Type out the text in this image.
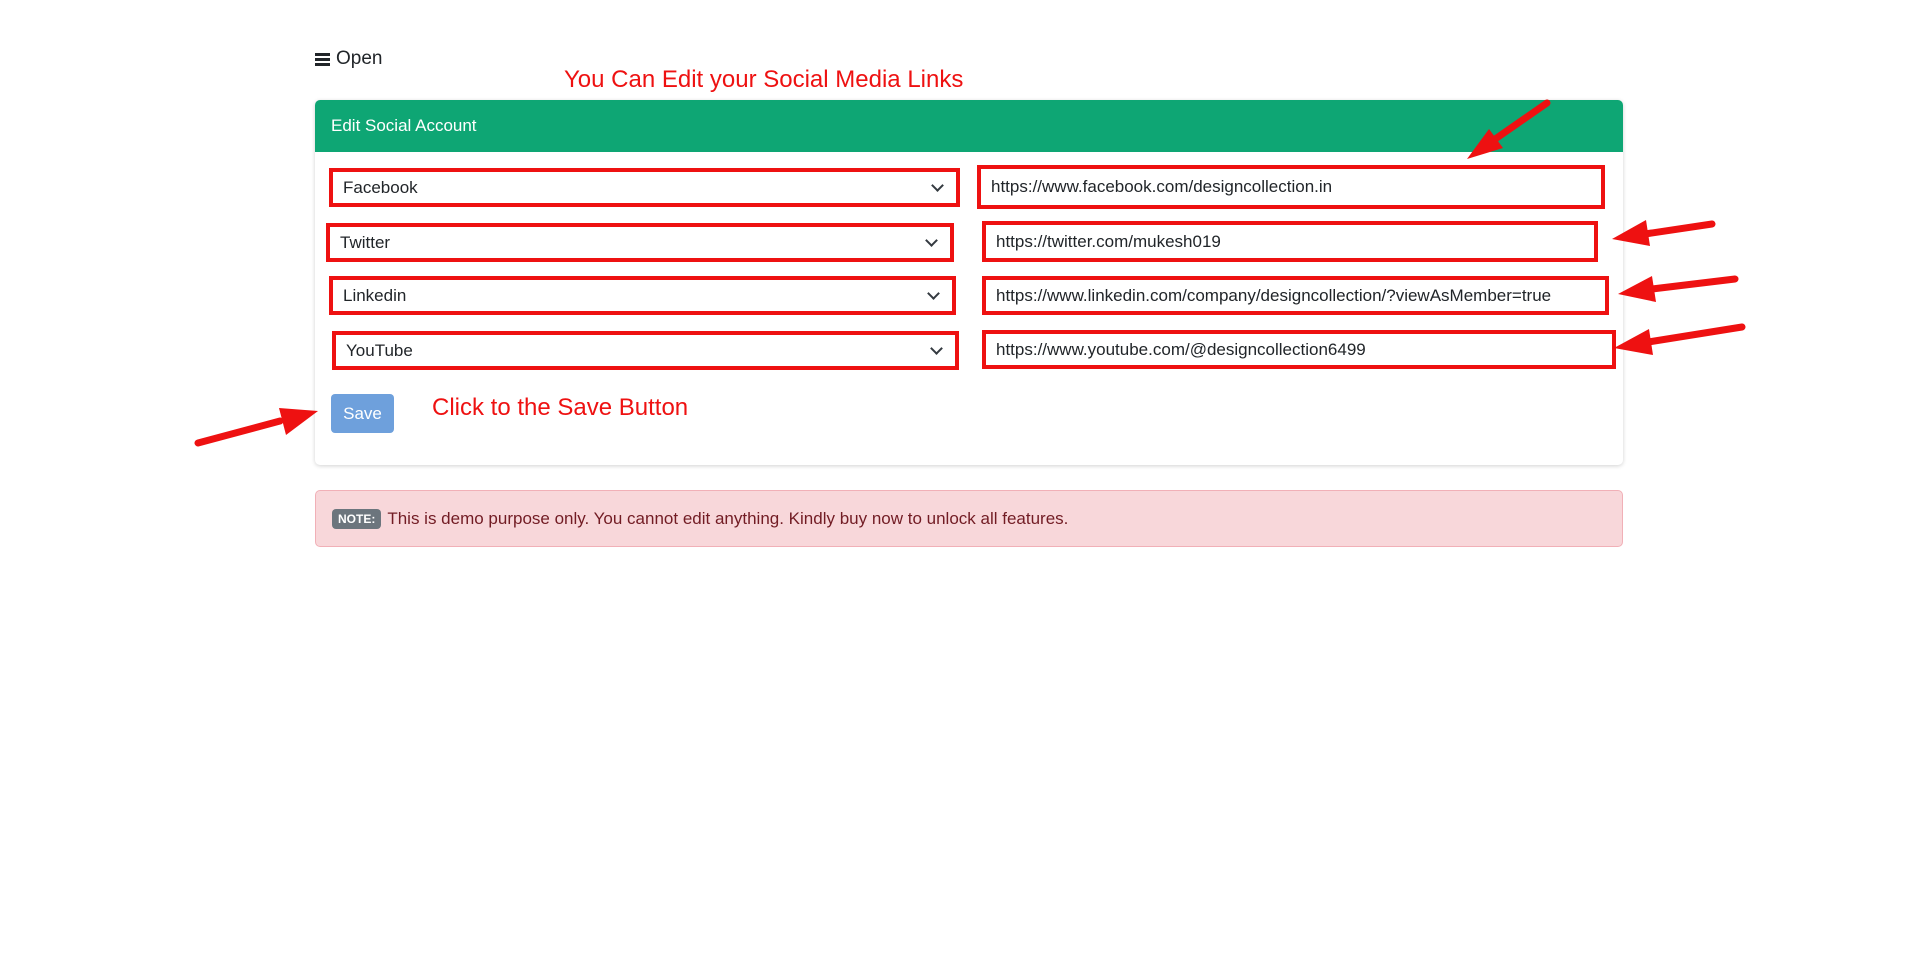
Open
You Can Edit your Social Media Links
Edit Social Account
Facebook	https://www.facebook.com/designcollection.in
Twitter	https://twitter.com/mukesh019
Linkedin	https://www.linkedin.com/company/designcollection/?viewAsMember=true
YouTube	https://www.youtube.com/@designcollection6499
Save	Click to the Save Button
NOTE: This is demo purpose only. You cannot edit anything. Kindly buy now to unlock all features.
